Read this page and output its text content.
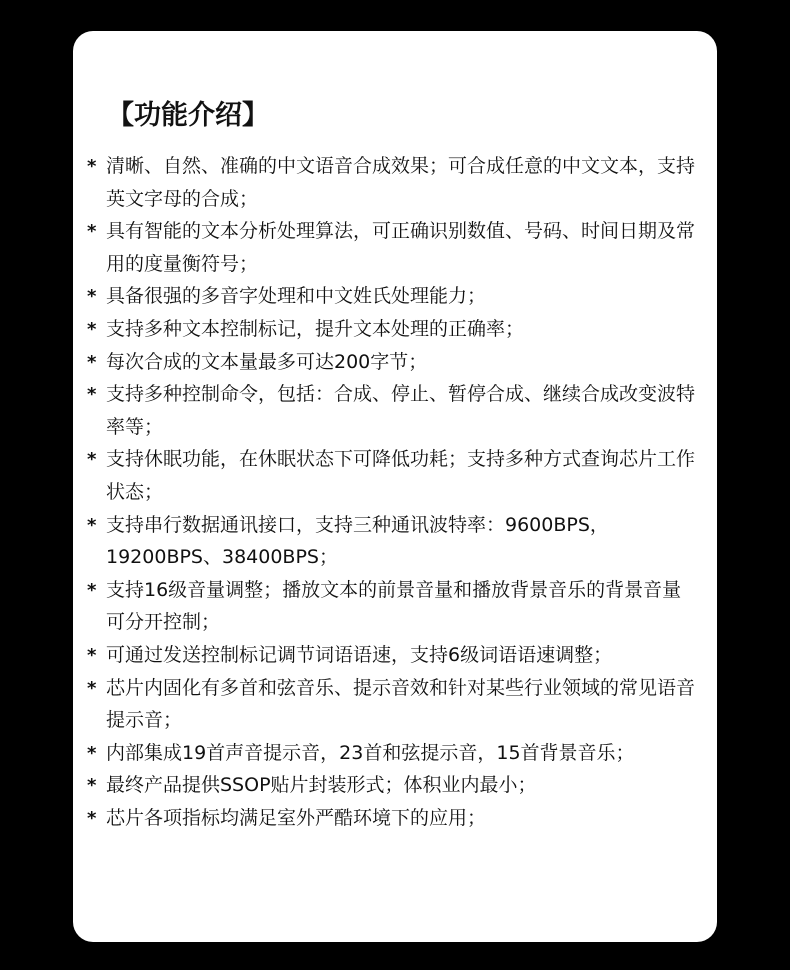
【功能介绍】
* 清晰、自然、准确的中文语音合成效果；可合成任意的中文文本，支持英文字母的合成；
* 具有智能的文本分析处理算法，可正确识别数值、号码、时间日期及常用的度量衡符号；
* 具备很强的多音字处理和中文姓氏处理能力；
* 支持多种文本控制标记，提升文本处理的正确率；
* 每次合成的文本量最多可达200字节；
* 支持多种控制命令，包括：合成、停止、暂停合成、继续合成改变波特率等；
* 支持休眠功能，在休眠状态下可降低功耗；支持多种方式查询芯片工作状态；
* 支持串行数据通讯接口，支持三种通讯波特率：9600BPS，19200BPS、38400BPS；
* 支持16级音量调整；播放文本的前景音量和播放背景音乐的背景音量可分开控制；
* 可通过发送控制标记调节词语语速，支持6级词语语速调整；
* 芯片内固化有多首和弦音乐、提示音效和针对某些行业领域的常见语音提示音；
* 内部集成19首声音提示音，23首和弦提示音，15首背景音乐；
* 最终产品提供SSOP贴片封装形式；体积业内最小；
* 芯片各项指标均满足室外严酷环境下的应用；
